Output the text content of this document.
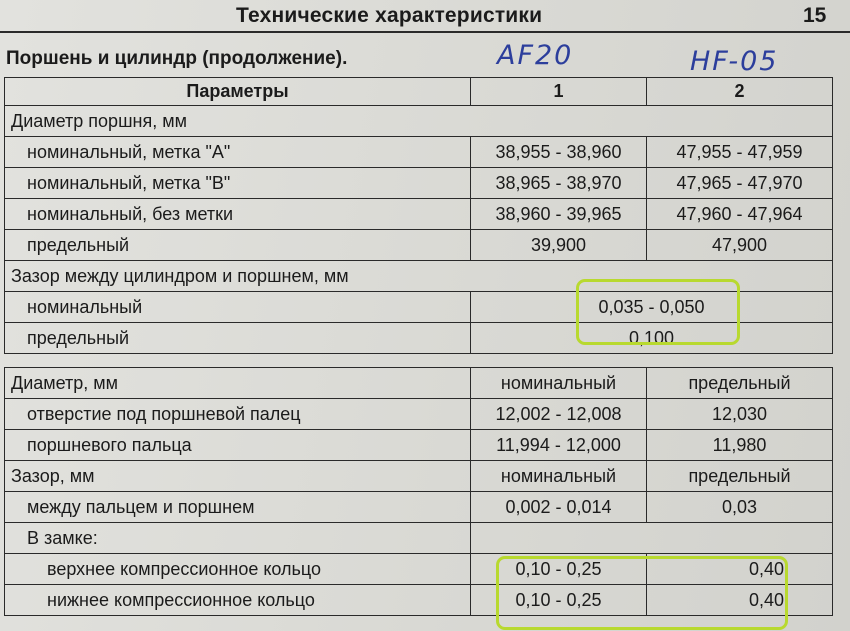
Технические характеристики	15
Поршень и цилиндр (продолжение).	AF20	HF-05
Параметры	1	2
Диаметр поршня, мм		
номинальный, метка "A"	38,955 - 38,960	47,955 - 47,959
номинальный, метка "B"	38,965 - 38,970	47,965 - 47,970
номинальный, без метки	38,960 - 39,965	47,960 - 47,964
предельный	39,900	47,900
Зазор между цилиндром и поршнем, мм		
номинальный	0,035 - 0,050	
предельный	0,100	
Диаметр, мм	номинальный	предельный
отверстие под поршневой палец	12,002 - 12,008	12,030
поршневого пальца	11,994 - 12,000	11,980
Зазор, мм	номинальный	предельный
между пальцем и поршнем	0,002 - 0,014	0,03
В замке:		
верхнее компрессионное кольцо	0,10 - 0,25	0,40
нижнее компрессионное кольцо	0,10 - 0,25	0,40
